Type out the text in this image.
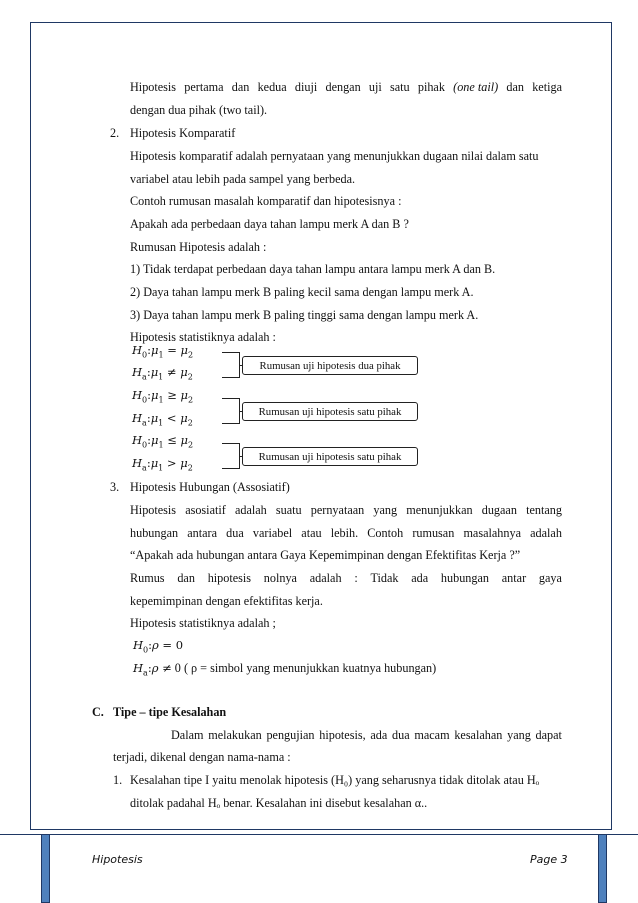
Hipotesis pertama dan kedua diuji dengan uji satu pihak (one tail) dan ketiga
dengan dua pihak (two tail).
2. Hipotesis Komparatif
Hipotesis komparatif adalah pernyataan yang menunjukkan dugaan nilai dalam satu
variabel atau lebih pada sampel yang berbeda.
Contoh rumusan masalah komparatif dan hipotesisnya :
Apakah ada perbedaan daya tahan lampu merk A dan B ?
Rumusan Hipotesis adalah :
1) Tidak terdapat perbedaan daya tahan lampu antara lampu merk A dan B.
2) Daya tahan lampu merk B paling kecil sama dengan lampu merk A.
3) Daya tahan lampu merk B paling tinggi sama dengan lampu merk A.
Hipotesis statistiknya adalah :
$H_0:\mu_1 = \mu_2$
$H_a:\mu_1 \ne \mu_2$
$H_0:\mu_1 \ge \mu_2$
$H_a:\mu_1 < \mu_2$
$H_0:\mu_1 \le \mu_2$
$H_a:\mu_1 > \mu_2$
Rumusan uji hipotesis dua pihak
Rumusan uji hipotesis satu pihak
Rumusan uji hipotesis satu pihak
3. Hipotesis Hubungan (Assosiatif)
Hipotesis asosiatif adalah suatu pernyataan yang menunjukkan dugaan tentang
hubungan antara dua variabel atau lebih. Contoh rumusan masalahnya adalah
“Apakah ada hubungan antara Gaya Kepemimpinan dengan Efektifitas Kerja ?”
Rumus dan hipotesis nolnya adalah : Tidak ada hubungan antar gaya
kepemimpinan dengan efektifitas kerja.
Hipotesis statistiknya adalah ;
$H_0:\rho = 0$
$H_a:\rho \ne 0$ ( ρ = simbol yang menunjukkan kuatnya hubungan)
C. Tipe – tipe Kesalahan
Dalam melakukan pengujian hipotesis, ada dua macam kesalahan yang dapat
terjadi, dikenal dengan nama-nama :
1. Kesalahan tipe I yaitu menolak hipotesis (H₀) yang seharusnya tidak ditolak atau Hₒ
ditolak padahal Hₒ benar. Kesalahan ini disebut kesalahan α..
Hipotesis	Page 3
